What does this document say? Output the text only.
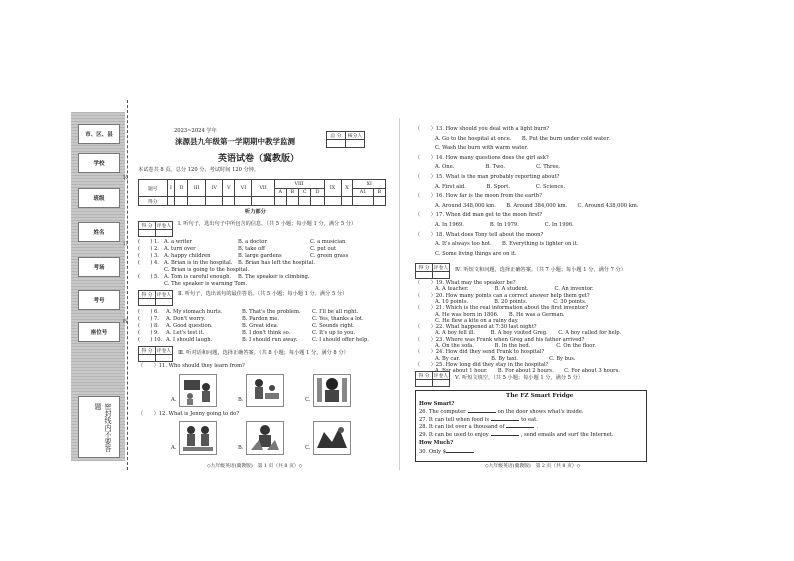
市、区、县
学校
班级
姓名
考场
考号
座位号
密封线内不要答题
装
订
线
2023~2024 学年
涞源县九年级第一学期期中教学监测
总 分	核分人

英语试卷（冀教版）
本试卷共 8 页。总分 120 分，考试时间 120 分钟。
题号	I	II	III	IV	V	VI	VII	VIII				IX	X	XI	
								A	B	C	D			A1	B
得分															
听力部分
得 分	评卷人
	Ⅰ. 听句子，选出句子中所包含的信息。（共 5 小题；每小题 1 分，满分 5 分）
(　　) 1. A. a writer	B. a doctor	C. a musician
(　　) 2. A. turn over	B. take off	C. put out
(　　) 3. A. happy children	B. large gardens	C. green grass
(　　) 4. A. Brian is in the hospital. B. Brian has left the hospital.
C. Brian is going to the hospital.
(　　) 5. A. Tom is careful enough. B. The speaker is climbing.
C. The speaker is warning Tom.
得 分	评卷人
	Ⅱ. 听句子，选出该句的最佳答语。（共 5 小题；每小题 1 分，满分 5 分）
(　　) 6. A. My stomach hurts.	B. That's the problem. C. I'll be all right.
(　　) 7. A. Don't worry.	B. Pardon me.	C. Yes, thanks a lot.
(　　) 8. A. Good question.	B. Great idea.	C. Sounds right.
(　　) 9. A. Let's test it.	B. I don't think so.	C. It's up to you.
(　　) 10. A. I should laugh.	B. I should run away.	C. I should offer help.
得 分	评卷人
	Ⅲ. 听对话和问题，选择正确答案。（共 8 小题；每小题 1 分，满分 8 分）
（　　）11. Who should they learn from?
A.	B.	C.
（　　）12. What is Jenny going to do?
A.	B.	C.
◇九年级英语(冀教版)　第 1 页（共 8 页）◇
（　　）13. How should you deal with a light burn?
A. Go to the hospital at once.　　B. Put the burn under cold water.
C. Wash the burn with warm water.
（　　）14. How many questions does the girl ask?
A. One.　　　　　　B. Two.　　　　　　C. Three.
（　　）15. What is the man probably reporting about?
A. First aid.　　　　B. Sport.　　　　　C. Science.
（　　）16. How far is the moon from the earth?
A. Around 348,000 km.　　B. Around 384,000 km.　　C. Around 438,000 km.
（　　）17. When did man get to the moon first?
A. In 1969.　　　　　B. In 1979.　　　　　C. In 1996.
（　　）18. What does Tony tell about the moon?
A. It's always too hot.　　B. Everything is lighter on it.
C. Some living things are on it.
得 分	评卷人
	Ⅳ. 听短文和问题，选择正确答案。（共 7 小题；每小题 1 分，满分 7 分）
（　　）19. What may the speaker be?
A. A teacher.　　　　　B. A student.　　　　　C. An inventor.
（　　）20. How many points can a correct answer help them get?
A. 10 points.　　　　　B. 20 points.　　　　　C. 30 points.
（　　）21. Which is the real information about the first inventor?
A. He was born in 1806.　　B. He was a German.
C. He flew a kite on a rainy day.
（　　）22. What happened at 7:30 last night?
A. A boy fell ill.　　　B. A boy visited Greg.　　C. A boy called for help.
（　　）23. Where was Frank when Greg and his father arrived?
A. On the sofa.　　　　B. In the bed.　　　　　C. On the floor.
（　　）24. How did they send Frank to hospital?
A. By car.　　　　　　B. By taxi.　　　　　　C. By bus.
（　　）25. How long did they stay in the hospital?
A. For about 1 hour.　　B. For about 2 hours.　　C. For about 3 hours.
得 分	评卷人
	Ⅴ. 听短文填空。（共 5 小题；每小题 1 分，满分 5 分）
The FZ Smart Fridge
How Smart?
26. The computer	on the door shows what's inside.
27. It can tell when food is	to eat.
28. It can list over a thousand of	.
29. It can be used to enjoy	, send emails and surf the Internet.
How Much?
30. Only $
◇九年级英语(冀教版)　第 2 页（共 8 页）◇
